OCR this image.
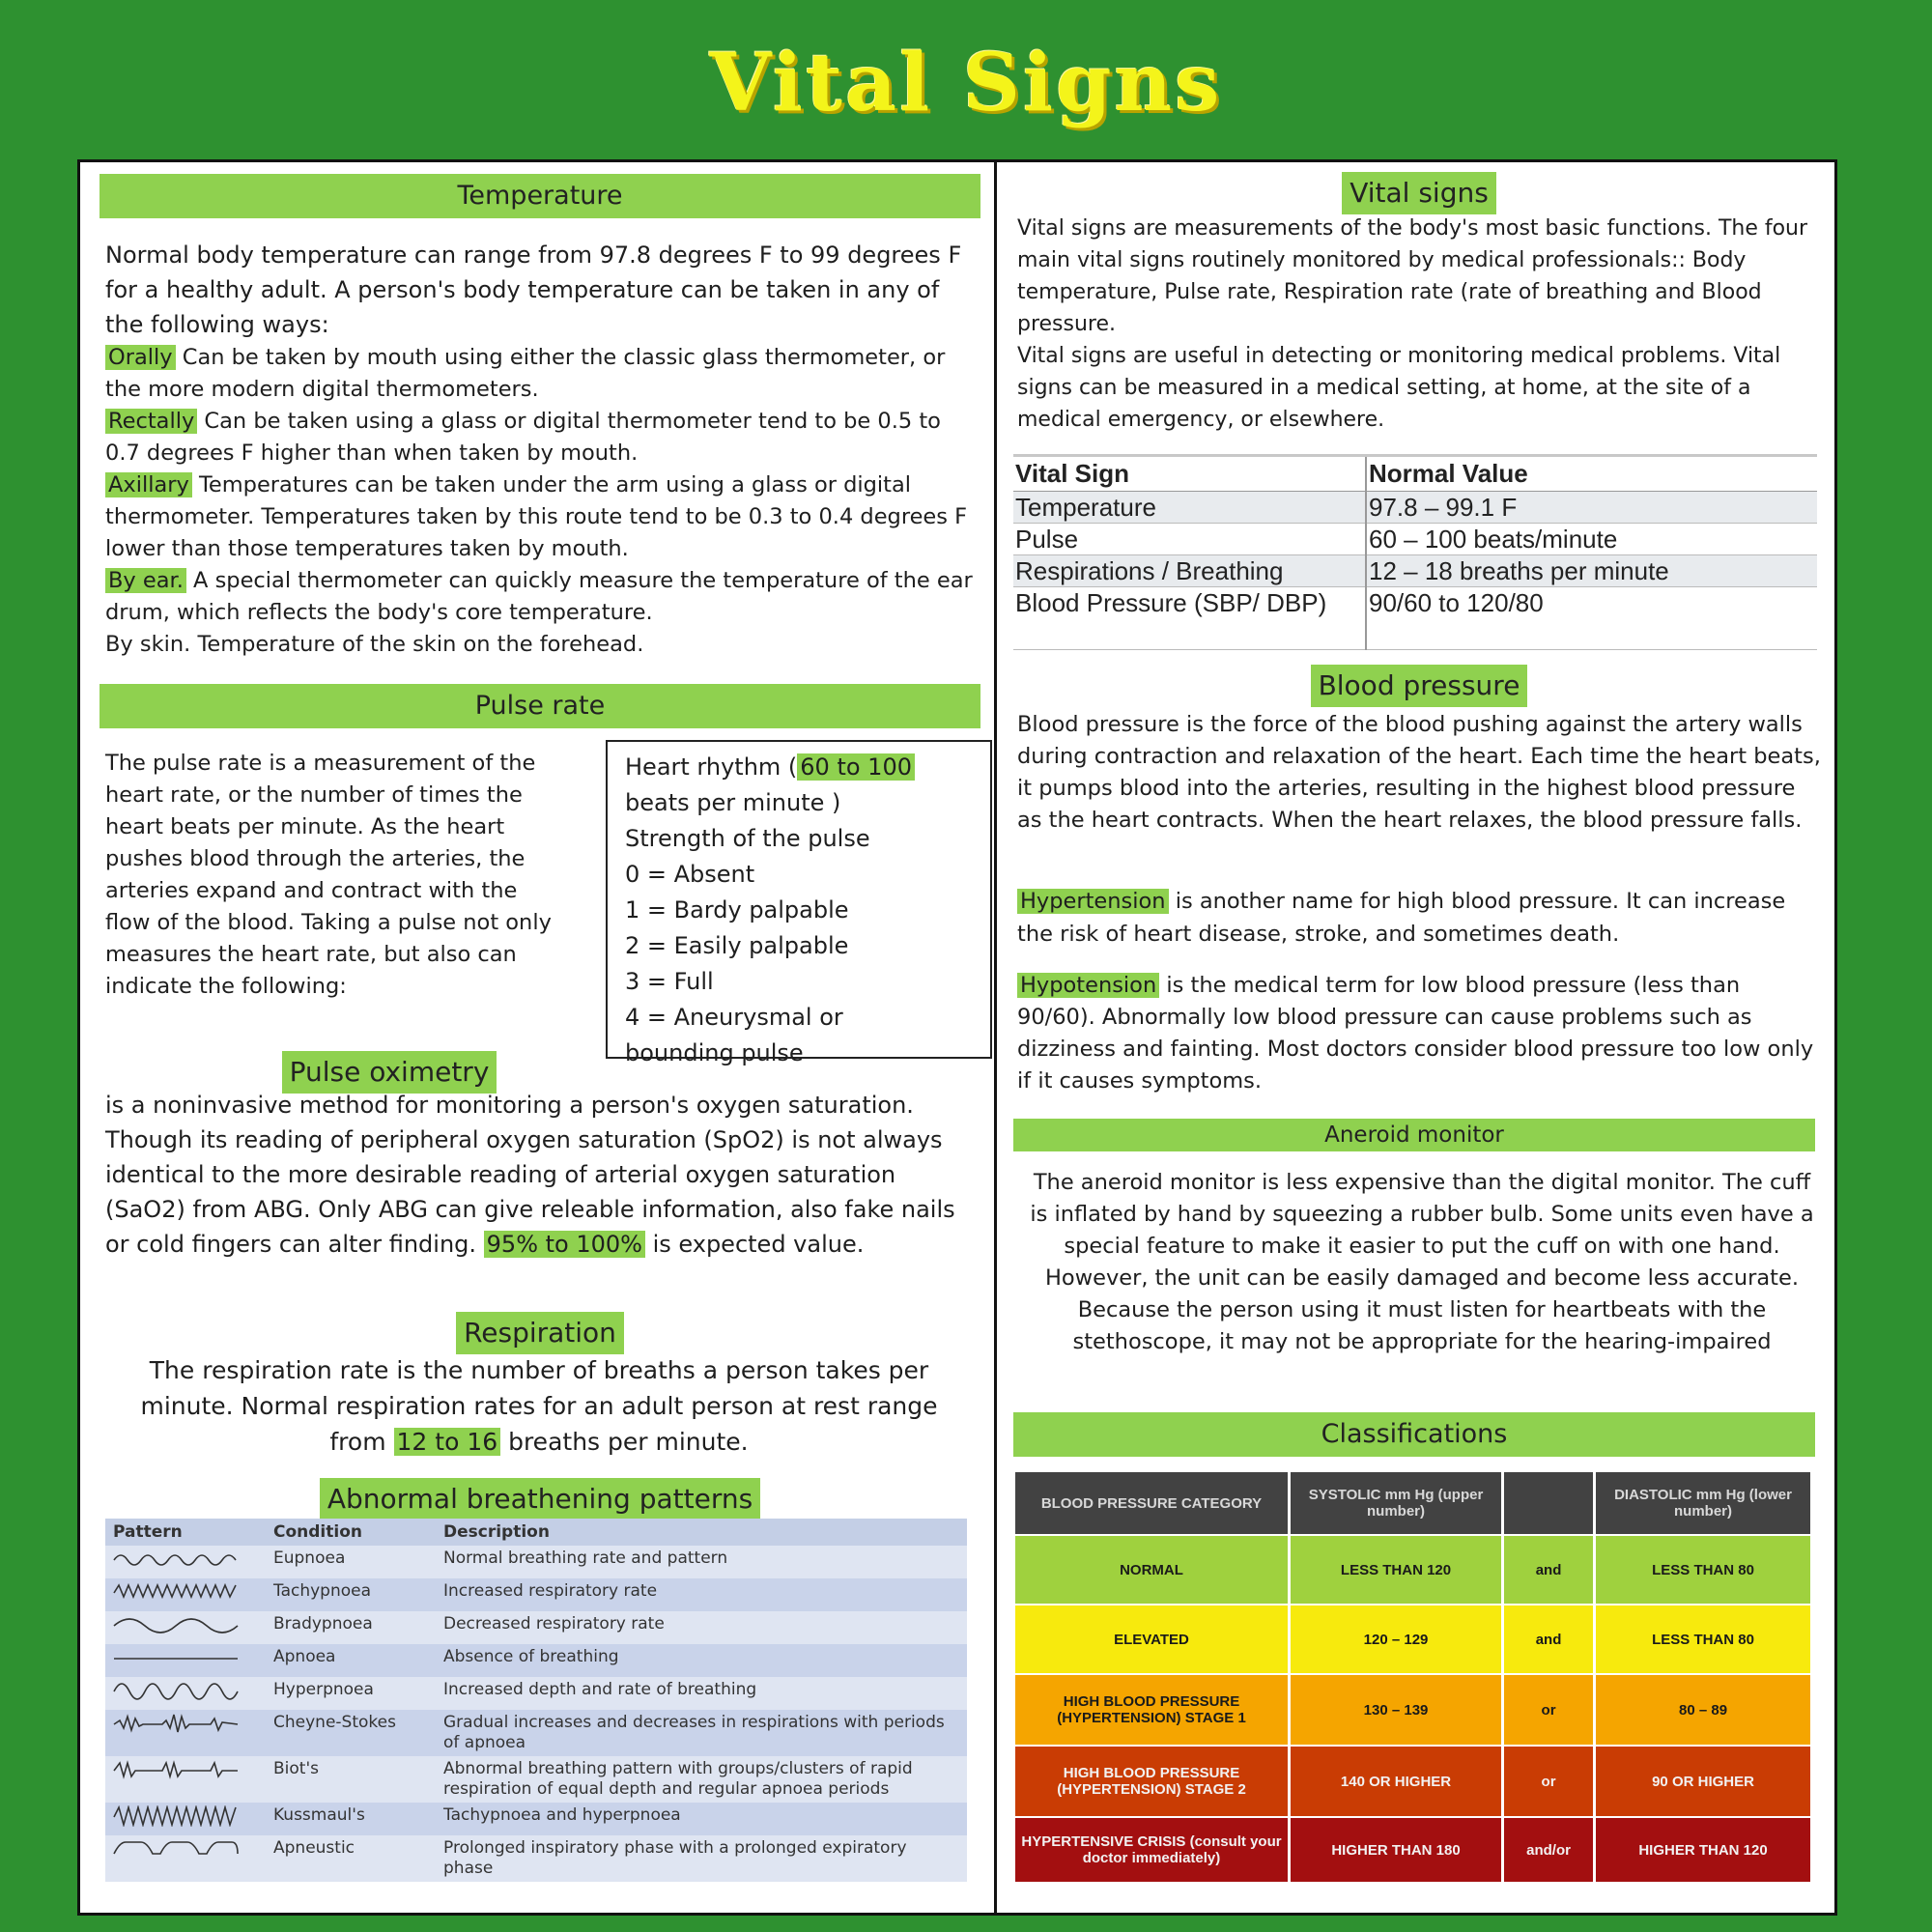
Vital Signs
Temperature

Normal body temperature can range from 97.8 degrees F to 99 degrees F for a healthy adult. A person's body temperature can be taken in any of the following ways:

Orally Can be taken by mouth using either the classic glass thermometer, or the more modern digital thermometers.

Rectally Can be taken using a glass or digital thermometer tend to be 0.5 to 0.7 degrees F higher than when taken by mouth.

Axillary Temperatures can be taken under the arm using a glass or digital thermometer. Temperatures taken by this route tend to be 0.3 to 0.4 degrees F lower than those temperatures taken by mouth.

By ear. A special thermometer can quickly measure the temperature of the ear drum, which reflects the body's core temperature.

By skin. Temperature of the skin on the forehead.

Pulse rate
The pulse rate is a measurement of the heart rate, or the number of times the heart beats per minute. As the heart pushes blood through the arteries, the arteries expand and contract with the flow of the blood. Taking a pulse not only measures the heart rate, but also can indicate the following:
Heart rhythm ( 60 to 100
beats per minute )
Strength of the pulse
0 = Absent
1 = Bardy palpable
2 = Easily palpable
3 = Full
4 = Aneurysmal or
bounding pulse
Pulse oximetry
is a noninvasive method for monitoring a person's oxygen saturation. Though its reading of peripheral oxygen saturation (SpO2) is not always identical to the more desirable reading of arterial oxygen saturation (SaO2) from ABG. Only ABG can give releable information, also fake nails or cold fingers can alter finding. 95% to 100% is expected value.
Respiration
The respiration rate is the number of breaths a person takes per minute. Normal respiration rates for an adult person at rest range from 12 to 16 breaths per minute.
Abnormal breathening patterns
Pattern	Condition	Description
	Eupnoea	Normal breathing rate and pattern
	Tachypnoea	Increased respiratory rate
	Bradypnoea	Decreased respiratory rate
	Apnoea	Absence of breathing
	Hyperpnoea	Increased depth and rate of breathing
	Cheyne-Stokes	Gradual increases and decreases in respirations with periods of apnoea
	Biot's	Abnormal breathing pattern with groups/clusters of rapid respiration of equal depth and regular apnoea periods
	Kussmaul's	Tachypnoea and hyperpnoea
	Apneustic	Prolonged inspiratory phase with a prolonged expiratory phase
Vital signs

Vital signs are measurements of the body's most basic functions. The four main vital signs routinely monitored by medical professionals:: Body temperature, Pulse rate, Respiration rate (rate of breathing and Blood pressure.

Vital signs are useful in detecting or monitoring medical problems. Vital signs can be measured in a medical setting, at home, at the site of a medical emergency, or elsewhere.

Vital Sign	Normal Value
Temperature	97.8 – 99.1 F
Pulse	60 – 100 beats/minute
Respirations / Breathing	12 – 18 breaths per minute
Blood Pressure (SBP/ DBP)	90/60 to 120/80
Blood pressure
Blood pressure is the force of the blood pushing against the artery walls during contraction and relaxation of the heart. Each time the heart beats, it pumps blood into the arteries, resulting in the highest blood pressure as the heart contracts. When the heart relaxes, the blood pressure falls.
Hypertension is another name for high blood pressure. It can increase the risk of heart disease, stroke, and sometimes death.
Hypotension is the medical term for low blood pressure (less than 90/60). Abnormally low blood pressure can cause problems such as dizziness and fainting. Most doctors consider blood pressure too low only if it causes symptoms.
Aneroid monitor
The aneroid monitor is less expensive than the digital monitor. The cuff is inflated by hand by squeezing a rubber bulb. Some units even have a special feature to make it easier to put the cuff on with one hand. However, the unit can be easily damaged and become less accurate. Because the person using it must listen for heartbeats with the stethoscope, it may not be appropriate for the hearing-impaired
Classifications
BLOOD PRESSURE CATEGORY	SYSTOLIC mm Hg (upper number)		DIASTOLIC mm Hg (lower number)
NORMAL	LESS THAN 120	and	LESS THAN 80
ELEVATED	120 – 129	and	LESS THAN 80
HIGH BLOOD PRESSURE (HYPERTENSION) STAGE 1	130 – 139	or	80 – 89
HIGH BLOOD PRESSURE (HYPERTENSION) STAGE 2	140 OR HIGHER	or	90 OR HIGHER
HYPERTENSIVE CRISIS (consult your doctor immediately)	HIGHER THAN 180	and/or	HIGHER THAN 120
